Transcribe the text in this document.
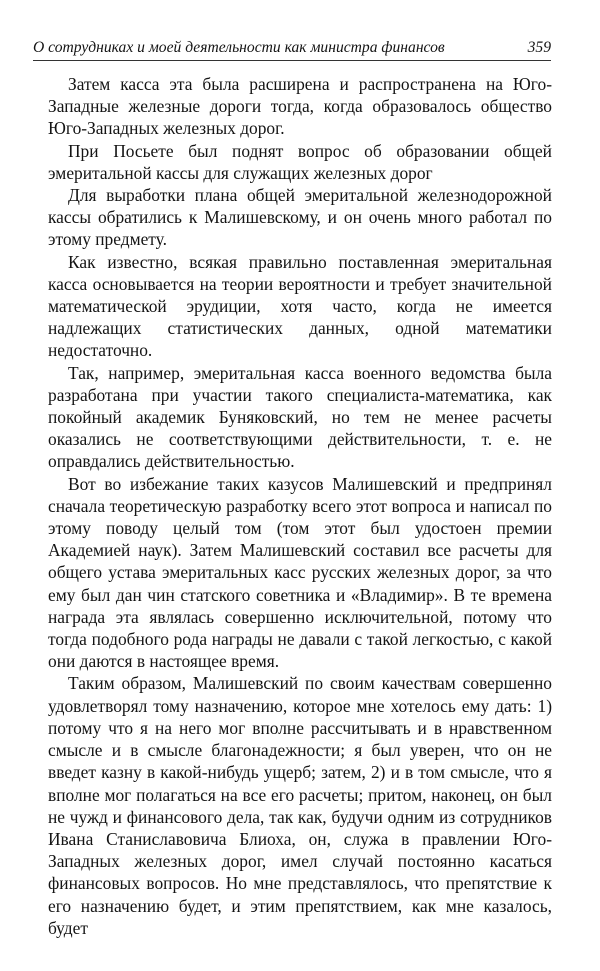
О сотрудниках и моей деятельности как министра финансов	359

Затем касса эта была расширена и распространена на Юго-Западные железные дороги тогда, когда образовалось общество Юго-Западных железных дорог.

При Посьете был поднят вопрос об образовании общей эмеритальной кассы для служащих железных дорог

Для выработки плана общей эмеритальной железнодорожной кассы обратились к Малишевскому, и он очень много работал по этому предмету.

Как известно, всякая правильно поставленная эмеритальная касса основывается на теории вероятности и требует значительной математической эрудиции, хотя часто, когда не имеется надлежащих статистических данных, одной математики недостаточно.

Так, например, эмеритальная касса военного ведомства была разработана при участии такого специалиста-математика, как покойный академик Буняковский, но тем не менее расчеты оказались не соответствующими действительности, т. е. не оправдались действительностью.

Вот во избежание таких казусов Малишевский и предпринял сначала теоретическую разработку всего этот вопроса и написал по этому поводу целый том (том этот был удостоен премии Академией наук). Затем Малишевский составил все расчеты для общего устава эмеритальных касс русских железных дорог, за что ему был дан чин статского советника и «Владимир». В те времена награда эта являлась совершенно исключительной, потому что тогда подобного рода награды не давали с такой легкостью, с какой они даются в настоящее время.

Таким образом, Малишевский по своим качествам совершенно удовлетворял тому назначению, которое мне хотелось ему дать: 1) потому что я на него мог вполне рассчитывать и в нравственном смысле и в смысле благонадежности; я был уверен, что он не введет казну в какой-нибудь ущерб; затем, 2) и в том смысле, что я вполне мог полагаться на все его расчеты; притом, наконец, он был не чужд и финансового дела, так как, будучи одним из сотрудников Ивана Станиславовича Блиоха, он, служа в правлении Юго-Западных железных дорог, имел случай постоянно касаться финансовых вопросов. Но мне представлялось, что препятствие к его назначению будет, и этим препятствием, как мне казалось, будет
